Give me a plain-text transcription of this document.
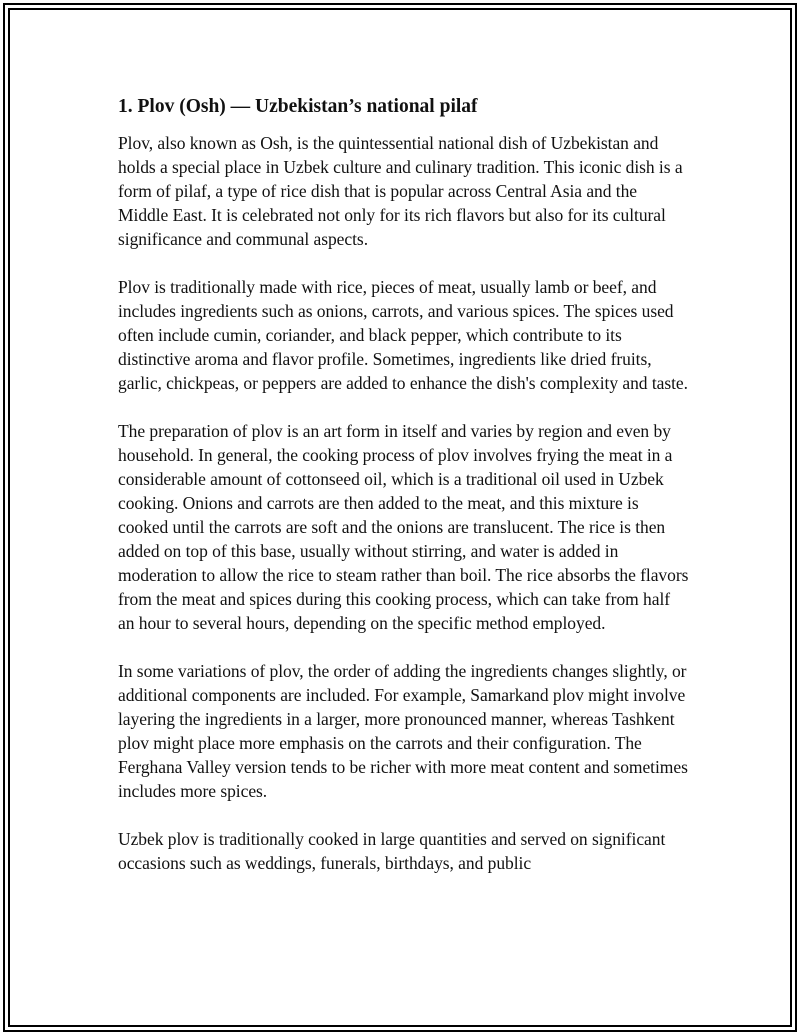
1. Plov (Osh) — Uzbekistan’s national pilaf

Plov, also known as Osh, is the quintessential national dish of Uzbekistan and holds a special place in Uzbek culture and culinary tradition. This iconic dish is a form of pilaf, a type of rice dish that is popular across Central Asia and the Middle East. It is celebrated not only for its rich flavors but also for its cultural significance and communal aspects.

Plov is traditionally made with rice, pieces of meat, usually lamb or beef, and includes ingredients such as onions, carrots, and various spices. The spices used often include cumin, coriander, and black pepper, which contribute to its distinctive aroma and flavor profile. Sometimes, ingredients like dried fruits, garlic, chickpeas, or peppers are added to enhance the dish's complexity and taste.

The preparation of plov is an art form in itself and varies by region and even by household. In general, the cooking process of plov involves frying the meat in a considerable amount of cottonseed oil, which is a traditional oil used in Uzbek cooking. Onions and carrots are then added to the meat, and this mixture is cooked until the carrots are soft and the onions are translucent. The rice is then added on top of this base, usually without stirring, and water is added in moderation to allow the rice to steam rather than boil. The rice absorbs the flavors from the meat and spices during this cooking process, which can take from half an hour to several hours, depending on the specific method employed.

In some variations of plov, the order of adding the ingredients changes slightly, or additional components are included. For example, Samarkand plov might involve layering the ingredients in a larger, more pronounced manner, whereas Tashkent plov might place more emphasis on the carrots and their configuration. The Ferghana Valley version tends to be richer with more meat content and sometimes includes more spices.

Uzbek plov is traditionally cooked in large quantities and served on significant occasions such as weddings, funerals, birthdays, and public
